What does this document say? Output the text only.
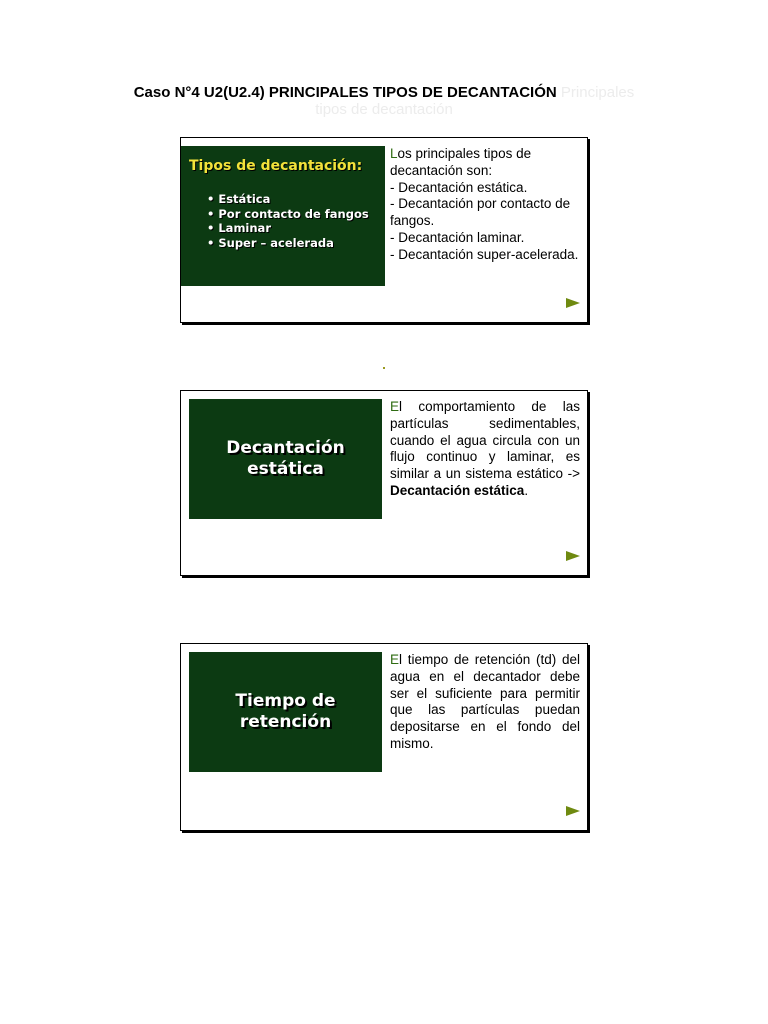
Caso N°4 U2(U2.4) PRINCIPALES TIPOS DE DECANTACIÓN Principales
tipos de decantación
Tipos de decantación:
• Estática
• Por contacto de fangos
• Laminar
• Super – acelerada

Los principales tipos de decantación son:
- Decantación estática.
- Decantación por contacto de fangos.
- Decantación laminar.
- Decantación super-acelerada.

Decantación
estática

El comportamiento de las partículas sedimentables, cuando el agua circula con un flujo continuo y laminar, es similar a un sistema estático -> Decantación estática.

Tiempo de
retención

El tiempo de retención (td) del agua en el decantador debe ser el suficiente para permitir que las partículas puedan depositarse en el fondo del mismo.
